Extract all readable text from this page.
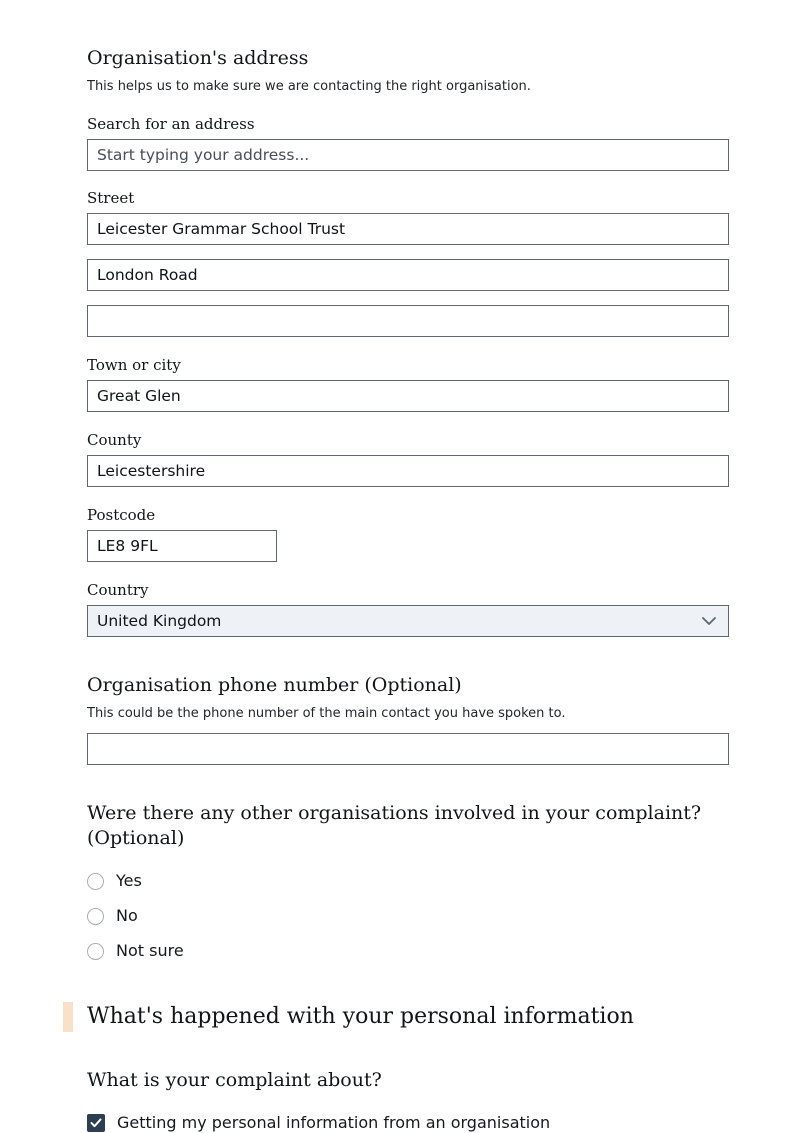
Organisation's address

This helps us to make sure we are contacting the right organisation.

Search for an address
Start typing your address...
Street
Leicester Grammar School Trust
London Road
Town or city
Great Glen
County
Leicestershire
Postcode
LE8 9FL
Country
United Kingdom
Organisation phone number (Optional)

This could be the phone number of the main contact you have spoken to.

Were there any other organisations involved in your complaint? (Optional)
Yes
No
Not sure
What's happened with your personal information
What is your complaint about?
Getting my personal information from an organisation
